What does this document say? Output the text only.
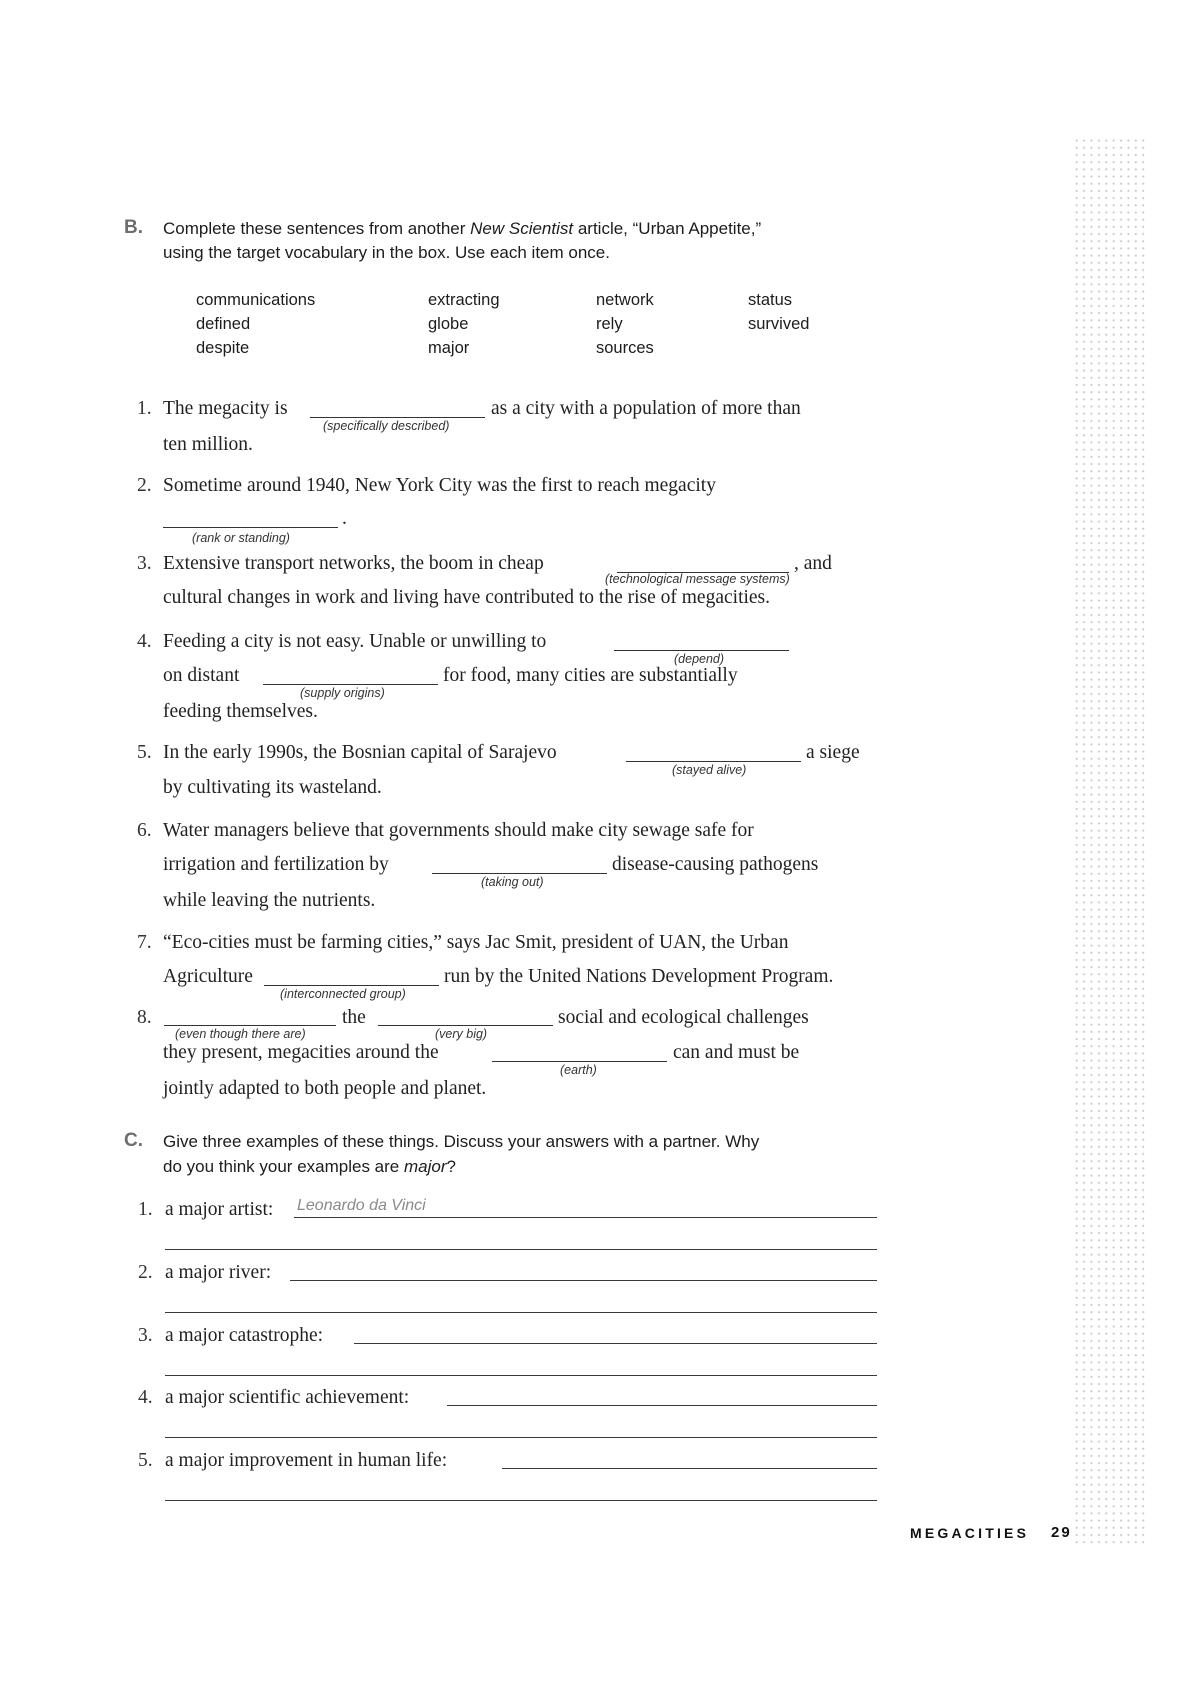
B. Complete these sentences from another New Scientist article, “Urban Appetite,”
using the target vocabulary in the box. Use each item once.
communications
defined
despite
extracting
globe
major
network
rely
sources
status
survived
1. The megacity is
(specifically described)
as a city with a population of more than
ten million.
2. Sometime around 1940, New York City was the first to reach megacity
.
(rank or standing)
3. Extensive transport networks, the boom in cheap
(technological message systems)
, and
cultural changes in work and living have contributed to the rise of megacities.
4. Feeding a city is not easy. Unable or unwilling to
(depend)
on distant
(supply origins)
for food, many cities are substantially
feeding themselves.
5. In the early 1990s, the Bosnian capital of Sarajevo
(stayed alive)
a siege
by cultivating its wasteland.
6. Water managers believe that governments should make city sewage safe for
irrigation and fertilization by
(taking out)
disease-causing pathogens
while leaving the nutrients.
7. “Eco-cities must be farming cities,” says Jac Smit, president of UAN, the Urban
Agriculture
(interconnected group)
run by the United Nations Development Program.
8.
(even though there are)
the
(very big)
social and ecological challenges
they present, megacities around the
(earth)
can and must be
jointly adapted to both people and planet.
C. Give three examples of these things. Discuss your answers with a partner. Why
do you think your examples are major?
1. a major artist: Leonardo da Vinci
2. a major river:
3. a major catastrophe:
4. a major scientific achievement:
5. a major improvement in human life:
MEGACITIES 29
